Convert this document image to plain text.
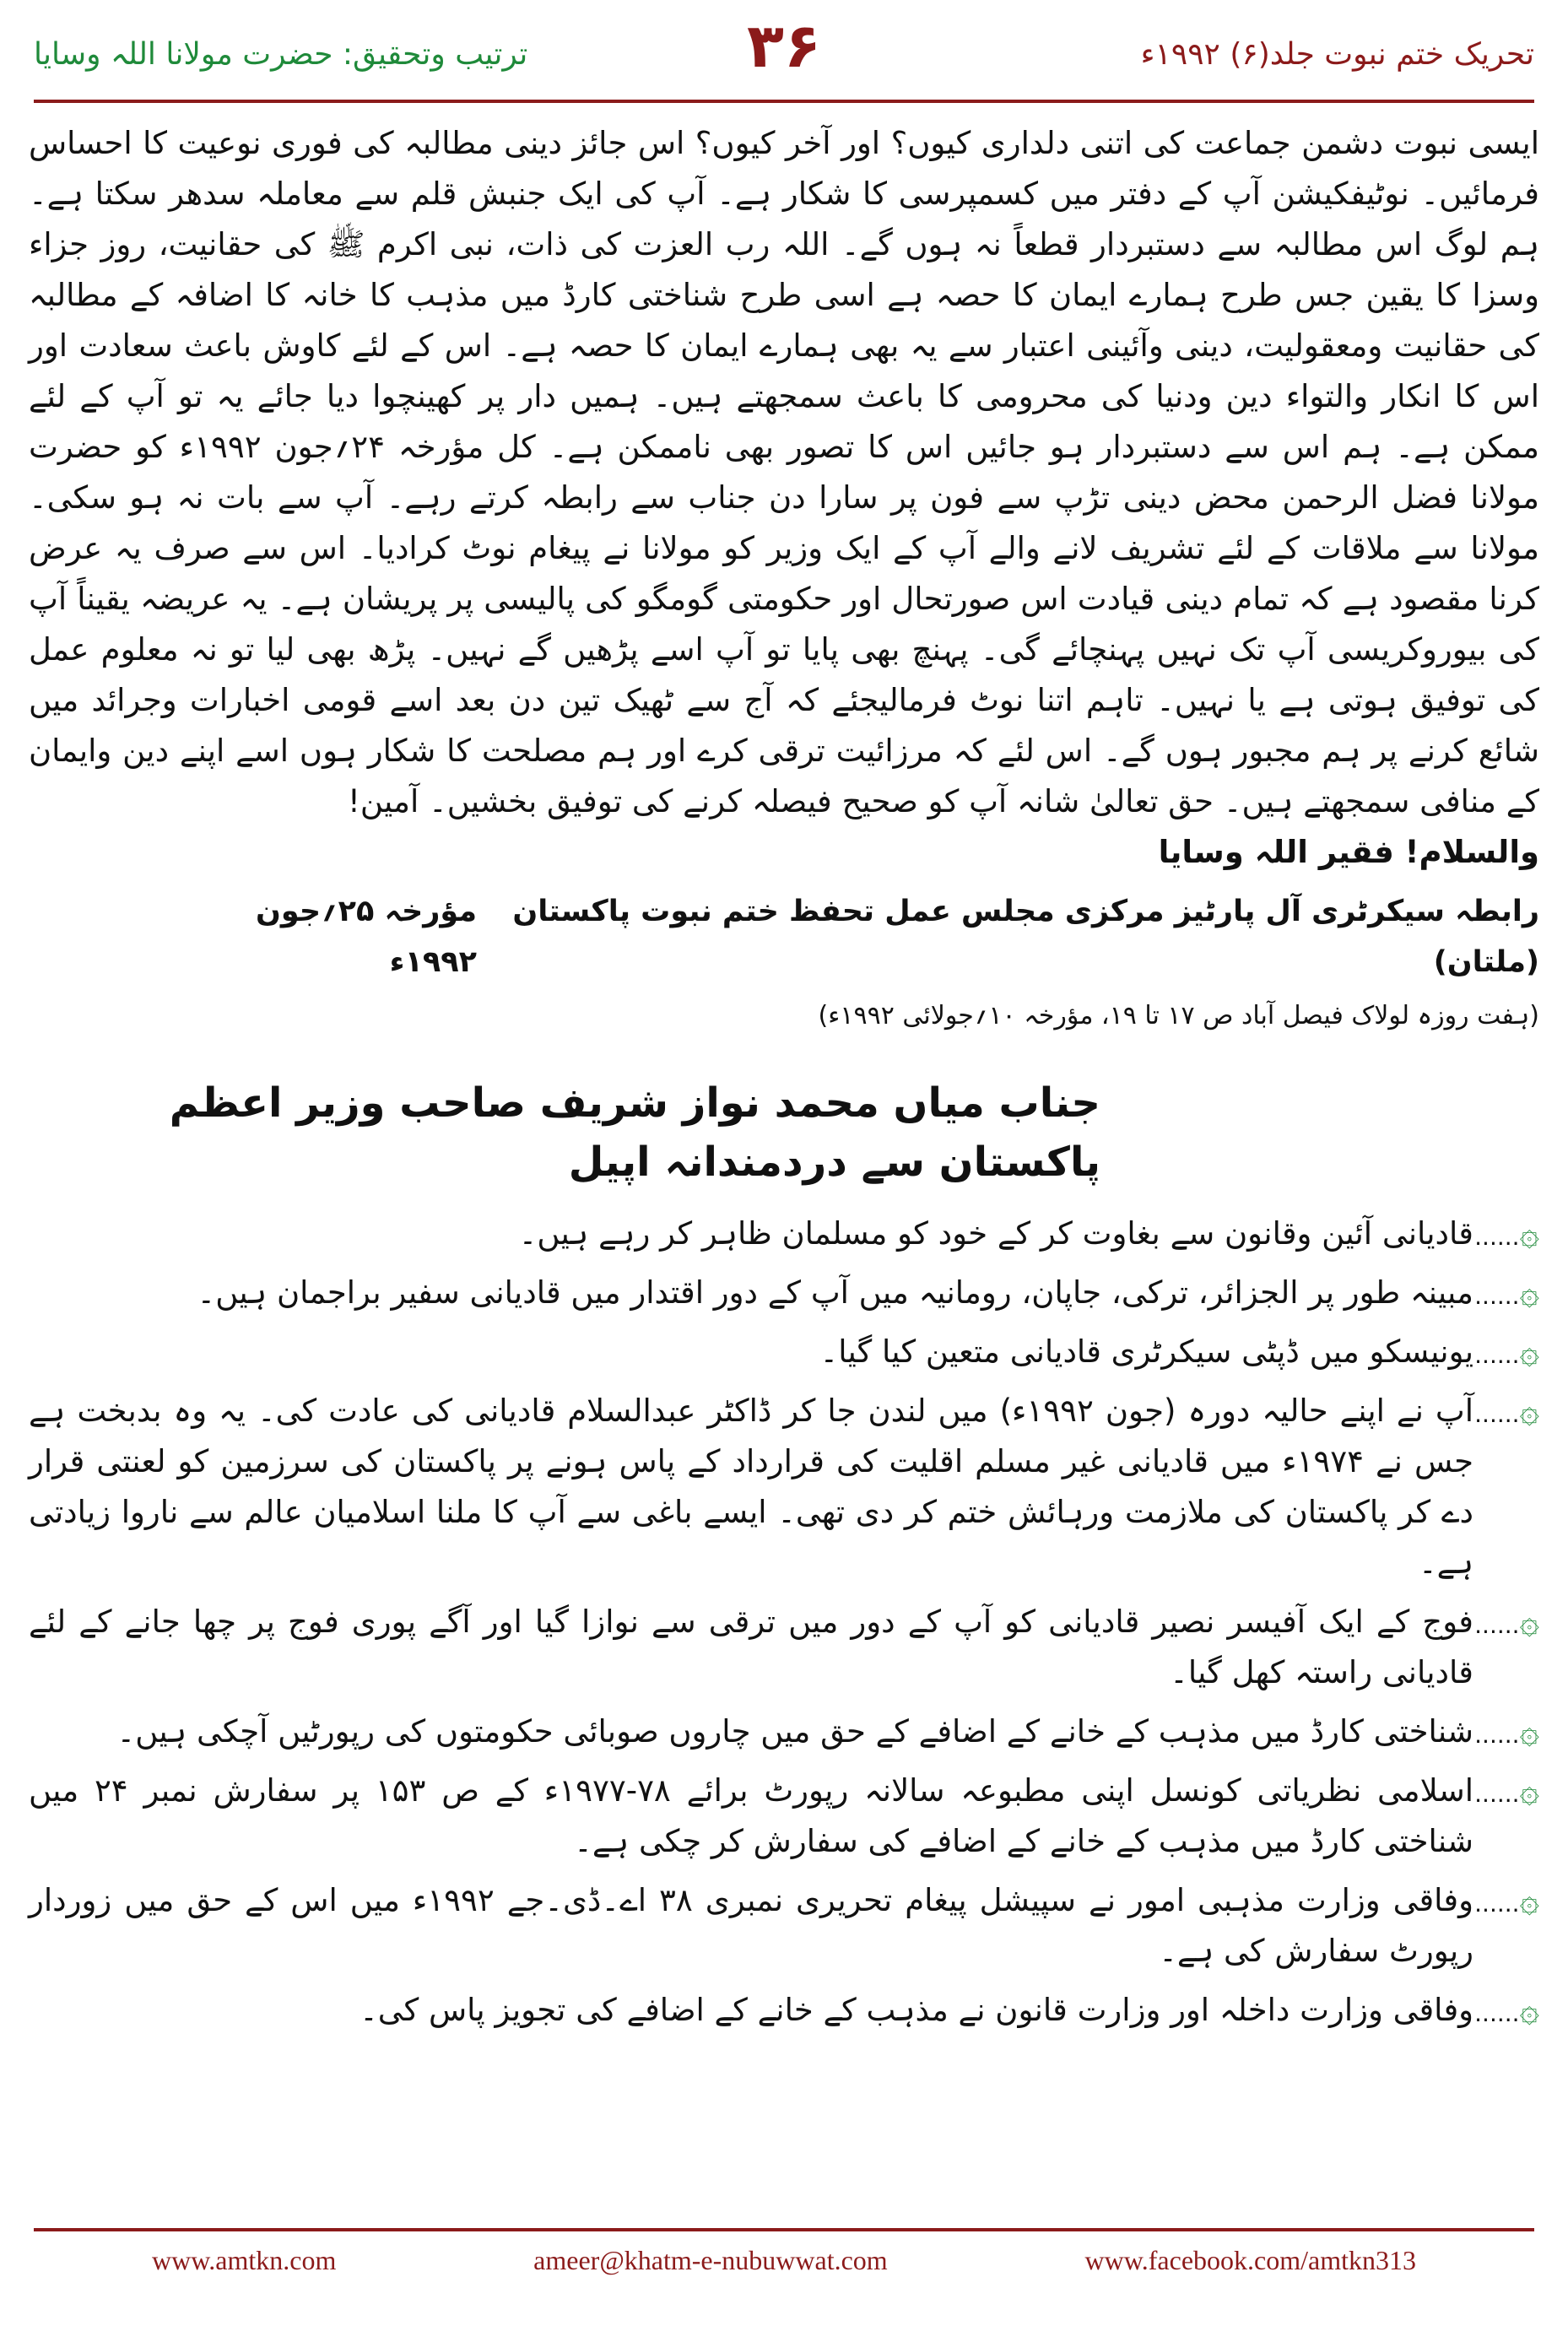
ترتیب وتحقیق: حضرت مولانا اللہ وسایا	۳۶	تحریک ختم نبوت جلد(۶) ۱۹۹۲ء

ایسی نبوت دشمن جماعت کی اتنی دلداری کیوں؟ اور آخر کیوں؟ اس جائز دینی مطالبہ کی فوری نوعیت کا احساس فرمائیں۔ نوٹیفکیشن آپ کے دفتر میں کسمپرسی کا شکار ہے۔ آپ کی ایک جنبش قلم سے معاملہ سدھر سکتا ہے۔ ہم لوگ اس مطالبہ سے دستبردار قطعاً نہ ہوں گے۔ اللہ رب العزت کی ذات، نبی اکرم ﷺ کی حقانیت، روز جزاء وسزا کا یقین جس طرح ہمارے ایمان کا حصہ ہے اسی طرح شناختی کارڈ میں مذہب کا خانہ کا اضافہ کے مطالبہ کی حقانیت ومعقولیت، دینی وآئینی اعتبار سے یہ بھی ہمارے ایمان کا حصہ ہے۔ اس کے لئے کاوش باعث سعادت اور اس کا انکار والتواء دین ودنیا کی محرومی کا باعث سمجھتے ہیں۔ ہمیں دار پر کھینچوا دیا جائے یہ تو آپ کے لئے ممکن ہے۔ ہم اس سے دستبردار ہو جائیں اس کا تصور بھی ناممکن ہے۔ کل مؤرخہ ۲۴؍جون ۱۹۹۲ء کو حضرت مولانا فضل الرحمن محض دینی تڑپ سے فون پر سارا دن جناب سے رابطہ کرتے رہے۔ آپ سے بات نہ ہو سکی۔ مولانا سے ملاقات کے لئے تشریف لانے والے آپ کے ایک وزیر کو مولانا نے پیغام نوٹ کرادیا۔ اس سے صرف یہ عرض کرنا مقصود ہے کہ تمام دینی قیادت اس صورتحال اور حکومتی گومگو کی پالیسی پر پریشان ہے۔ یہ عریضہ یقیناً آپ کی بیوروکریسی آپ تک نہیں پہنچائے گی۔ پہنچ بھی پایا تو آپ اسے پڑھیں گے نہیں۔ پڑھ بھی لیا تو نہ معلوم عمل کی توفیق ہوتی ہے یا نہیں۔ تاہم اتنا نوٹ فرمالیجئے کہ آج سے ٹھیک تین دن بعد اسے قومی اخبارات وجرائد میں شائع کرنے پر ہم مجبور ہوں گے۔ اس لئے کہ مرزائیت ترقی کرے اور ہم مصلحت کا شکار ہوں اسے اپنے دین وایمان کے منافی سمجھتے ہیں۔ حق تعالیٰ شانہ آپ کو صحیح فیصلہ کرنے کی توفیق بخشیں۔ آمین!

والسلام! فقیر اللہ وسایا
رابطہ سیکرٹری آل پارٹیز مرکزی مجلس عمل تحفظ ختم نبوت پاکستان (ملتان)
مؤرخہ ۲۵؍جون ۱۹۹۲ء
(ہفت روزہ لولاک فیصل آباد ص ۱۷ تا ۱۹، مؤرخہ ۱۰؍جولائی ۱۹۹۲ء)
جناب میاں محمد نواز شریف صاحب وزیر اعظم پاکستان سے دردمندانہ اپیل
......۞
قادیانی آئین وقانون سے بغاوت کر کے خود کو مسلمان ظاہر کر رہے ہیں۔
......۞
مبینہ طور پر الجزائر، ترکی، جاپان، رومانیہ میں آپ کے دور اقتدار میں قادیانی سفیر براجمان ہیں۔
......۞
یونیسکو میں ڈپٹی سیکرٹری قادیانی متعین کیا گیا۔
......۞
آپ نے اپنے حالیہ دورہ (جون ۱۹۹۲ء) میں لندن جا کر ڈاکٹر عبدالسلام قادیانی کی عادت کی۔ یہ وہ بدبخت ہے جس نے ۱۹۷۴ء میں قادیانی غیر مسلم اقلیت کی قرارداد کے پاس ہونے پر پاکستان کی سرزمین کو لعنتی قرار دے کر پاکستان کی ملازمت ورہائش ختم کر دی تھی۔ ایسے باغی سے آپ کا ملنا اسلامیان عالم سے ناروا زیادتی ہے۔
......۞
فوج کے ایک آفیسر نصیر قادیانی کو آپ کے دور میں ترقی سے نوازا گیا اور آگے پوری فوج پر چھا جانے کے لئے قادیانی راستہ کھل گیا۔
......۞
شناختی کارڈ میں مذہب کے خانے کے اضافے کے حق میں چاروں صوبائی حکومتوں کی رپورٹیں آچکی ہیں۔
......۞
اسلامی نظریاتی کونسل اپنی مطبوعہ سالانہ رپورٹ برائے ۷۸-۱۹۷۷ء کے ص ۱۵۳ پر سفارش نمبر ۲۴ میں شناختی کارڈ میں مذہب کے خانے کے اضافے کی سفارش کر چکی ہے۔
......۞
وفاقی وزارت مذہبی امور نے سپیشل پیغام تحریری نمبری ۳۸ اے۔ڈی۔جے ۱۹۹۲ء میں اس کے حق میں زوردار رپورٹ سفارش کی ہے۔
......۞
وفاقی وزارت داخلہ اور وزارت قانون نے مذہب کے خانے کے اضافے کی تجویز پاس کی۔
www.amtkn.com	ameer@khatm-e-nubuwwat.com	www.facebook.com/amtkn313
